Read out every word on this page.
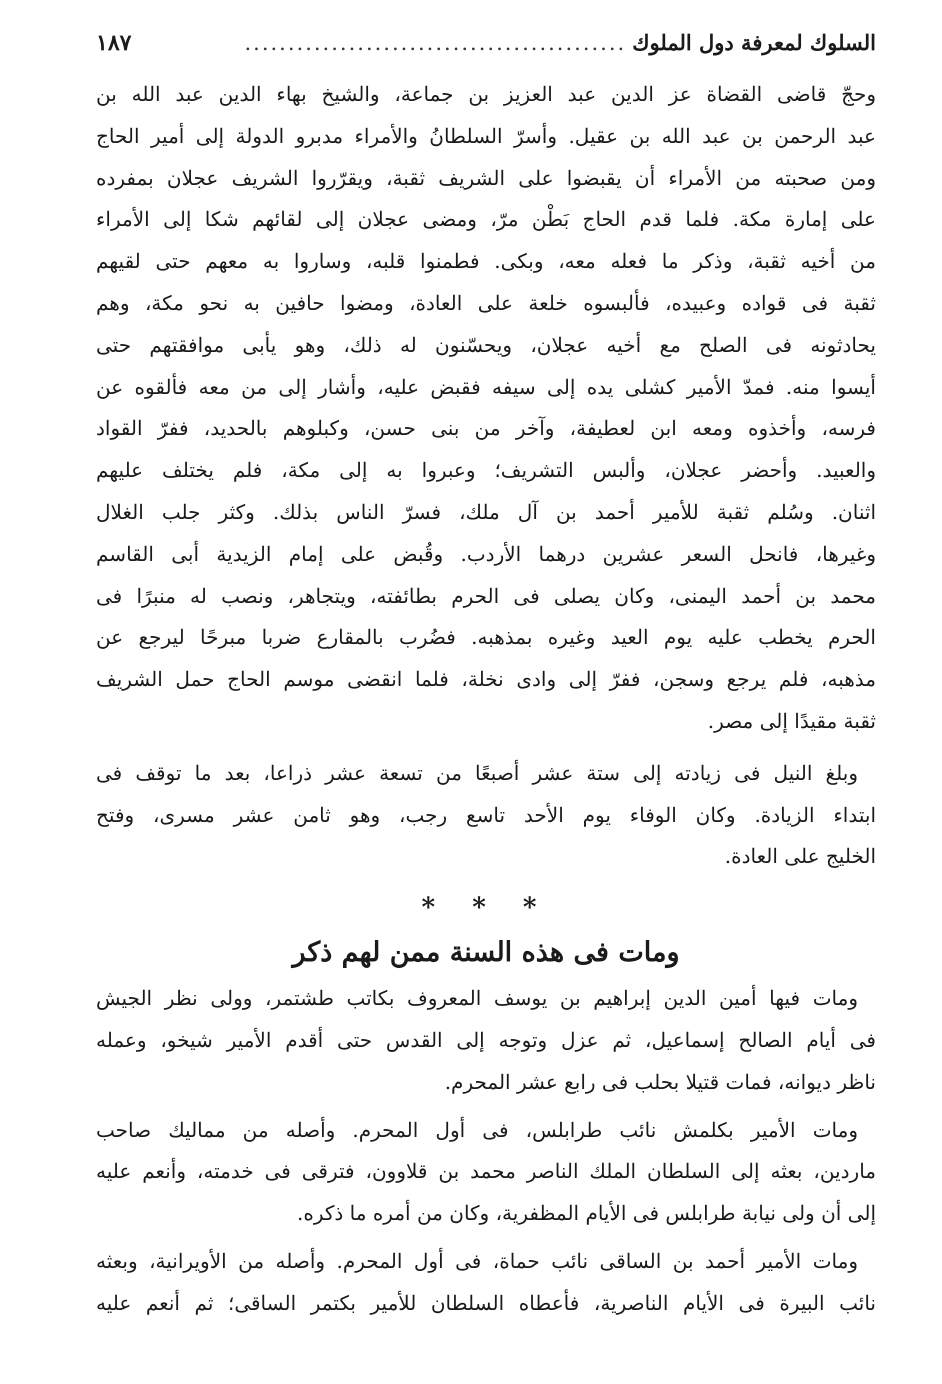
السلوك لمعرفة دول الملوك
............................................
١٨٧
وحجّ قاضى القضاة عز الدين عبد العزيز بن جماعة، والشيخ بهاء الدين عبد الله بن
عبد الرحمن بن عبد الله بن عقيل. وأسرّ السلطانُ والأمراء مدبرو الدولة إلى أمير الحاج
ومن صحبته من الأمراء أن يقبضوا على الشريف ثقبة، ويقرّروا الشريف عجلان بمفرده
على إمارة مكة. فلما قدم الحاج بَطْن مرّ، ومضى عجلان إلى لقائهم شكا إلى الأمراء
من أخيه ثقبة، وذكر ما فعله معه، وبكى. فطمنوا قلبه، وساروا به معهم حتى لقيهم
ثقبة فى قواده وعبيده، فألبسوه خلعة على العادة، ومضوا حافين به نحو مكة، وهم
يحادثونه فى الصلح مع أخيه عجلان، ويحسّنون له ذلك، وهو يأبى موافقتهم حتى
أيسوا منه. فمدّ الأمير كشلى يده إلى سيفه فقبض عليه، وأشار إلى من معه فألقوه عن
فرسه، وأخذوه ومعه ابن لعطيفة، وآخر من بنى حسن، وكبلوهم بالحديد، ففرّ القواد
والعبيد. وأحضر عجلان، وألبس التشريف؛ وعبروا به إلى مكة، فلم يختلف عليهم
اثنان. وسُلم ثقبة للأمير أحمد بن آل ملك، فسرّ الناس بذلك. وكثر جلب الغلال
وغيرها، فانحل السعر عشرين درهما الأردب. وقُبض على إمام الزيدية أبى القاسم
محمد بن أحمد اليمنى، وكان يصلى فى الحرم بطائفته، ويتجاهر، ونصب له منبرًا فى
الحرم يخطب عليه يوم العيد وغيره بمذهبه. فضُرب بالمقارع ضربا مبرحًا ليرجع عن
مذهبه، فلم يرجع وسجن، ففرّ إلى وادى نخلة، فلما انقضى موسم الحاج حمل الشريف
ثقبة مقيدًا إلى مصر.
وبلغ النيل فى زيادته إلى ستة عشر أصبعًا من تسعة عشر ذراعا، بعد ما توقف فى
ابتداء الزيادة. وكان الوفاء يوم الأحد تاسع رجب، وهو ثامن عشر مسرى، وفتح
الخليج على العادة.
* * *
ومات فى هذه السنة ممن لهم ذكر
ومات فيها أمين الدين إبراهيم بن يوسف المعروف بكاتب طشتمر، وولى نظر الجيش
فى أيام الصالح إسماعيل، ثم عزل وتوجه إلى القدس حتى أقدم الأمير شيخو، وعمله
ناظر ديوانه، فمات قتيلا بحلب فى رابع عشر المحرم.
ومات الأمير بكلمش نائب طرابلس، فى أول المحرم. وأصله من مماليك صاحب
ماردين، بعثه إلى السلطان الملك الناصر محمد بن قلاوون، فترقى فى خدمته، وأنعم عليه
إلى أن ولى نيابة طرابلس فى الأيام المظفرية، وكان من أمره ما ذكره.
ومات الأمير أحمد بن الساقى نائب حماة، فى أول المحرم. وأصله من الأويرانية، وبعثه
نائب البيرة فى الأيام الناصرية، فأعطاه السلطان للأمير بكتمر الساقى؛ ثم أنعم عليه
